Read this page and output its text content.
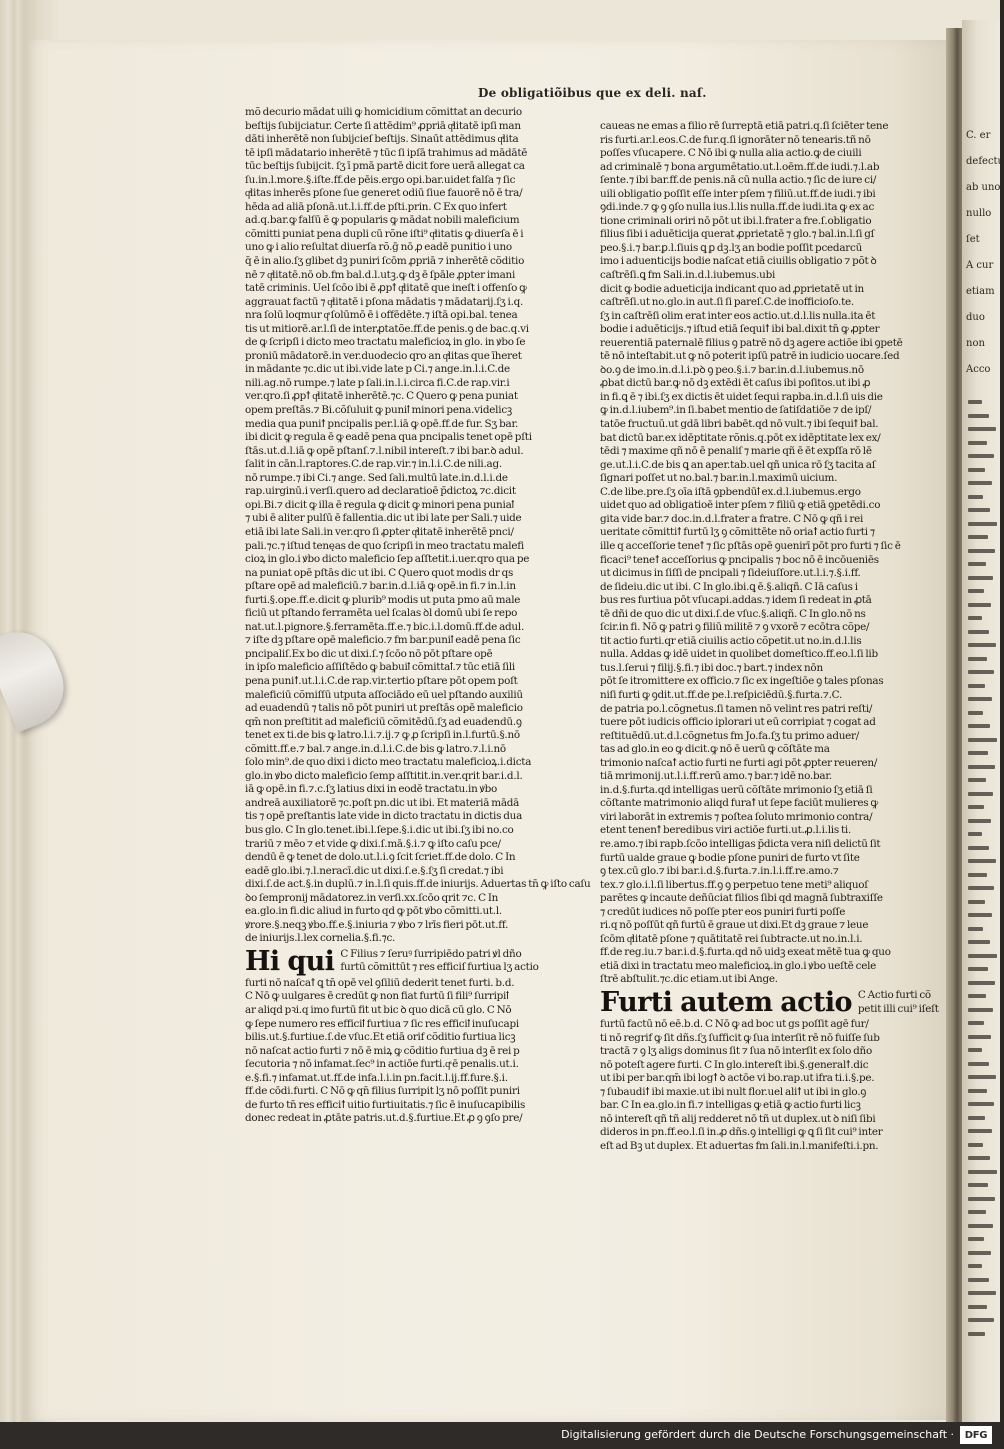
C. er
defectu
ab uno
nullo
ſet
A cur
etiam
duo
non
Acco
De obligatiõibus que ex deli. naſ.
mõ decurio mādat uili ꝙ homicidium cõmittat an decurio
beſtijs ſubijciatur. Certe ſi attēdim⁹ ꝓpriā qͣlitatē ipſi man
dāti inherētē non ſubijcieſ beſtijs. Sinaūt attēdimus qͣlita
tē ipſi mādatario inherētē ⁊ tūc ſi ipſā trahimus ad mādātē
tūc beſtijs ſubijcit. ſʒ ī pmā partē dicit fore uerā allegat ca
ſu.in.l.more.§.iſte.ff.de pēis.ergo opi.bar.uidet falſa ⁊ ſic
qͣlitas inherēs pſone ſue generet odiū ſiue fauorē nō ē tra/
hēda ad aliā pſonā.ut.l.i.ff.de pſti.prin. C Ex quo infert
ad.q.bar.ꝙ falſū ē ꝙ popularis ꝙ mādat nobili maleficium
cõmitti puniat pena dupli cū rõne iſti⁹ qͣlitatis ꝙ diuerſa ē i
uno ꝙ i alio reſultat diuerſa rõ.ḡ nō ꝓ eadē punitio i uno
q̄ ē in alio.ſʒ glibet dꝫ puniri ſcōm ꝓpriā ⁊ inherētē cõditio
nē ⁊ qͣlitatē.nō ob.fm bal.d.l.utꝫ.ꝙ dꝫ ē ſpāle ꝓpter imani
tatē criminis. Uel ſcōo ibi ē ꝓpꝉ qͣlitatē que ineſt i offenſo ꝙ
aggrauat factū ⁊ qͣlitatē i pſona mādatis ⁊ mādatarij.ſʒ i.q.
nra ſolū loqmur qͣ ſolūmō ē i offēdēte.⁊ iſtā opi.bal. tenea
tis ut mitiorē.ar.l.ſi de interꝓtatõe.ff.de penis.ꝯ de bac.q.vi
de ꝙ ſcripſi i dicto meo tractatu maleficioꝝ in glo. in ꝟbo ſe
proniū mādatorē.in ver.duodecio qro an qͣlitas que īheret
in mādante ⁊c.dic ut ibi.vide late p Ci.⁊ ange.in.l.i.C.de
nili.ag.nō rumpe.⁊ late p ſali.in.l.i.circa fi.C.de rap.vir.i
ver.qro.ſi ꝓpꝉ qͣlitatē inherētē.⁊c. C Quero ꝙ pena puniat
opem preſtās.⁊ Bi.cõſuluit ꝙ puniꝉ minori pena.videlicꝫ
media qua puniꝉ pncipalis per.l.iā ꝙ opē.ff.de fur. Sʒ bar.
ibi dicit ꝙ regula ē ꝙ eadē pena qua pncipalis tenet opē pſti
ſtās.ut.d.l.iā ꝙ opē pſtanſ.⁊.l.nibil intereſt.⁊ ibi bar.ꝺ adul.
ſalit in cān.l.raptores.C.de rap.vir.⁊ in.l.i.C.de nili.ag.
nō rumpe.⁊ ibi Ci.⁊ ange. Sed ſali.multū late.in.d.l.i.de
rap.uirginū.i verſi.quero ad declaratioē p̄dictoꝝ ⁊c.dicit
opi.Bi.⁊ dicit ꝙ illa ē regula ꝙ dicit ꝙ minori pena puniaꝉ
⁊ ubi ē aliter pulſū ē fallentia.dic ut ibi late per Sali.⁊ uide
etiā ibi late Sali.in ver.qro ſi ꝓpter qͣlitatē inherētē pnci/
pali.⁊c.⁊ iſtud tenęas de quo ſcripſi in meo tractatu malefi
cioꝝ in glo.i ꝟbo dicto maleficio ſep aſſtetit.i.uer.qro qua pe
na puniat opē pſtās dic ut ibi. C Quero quot modis dr qs
pſtare opē ad maleficiū.⁊ bar.in.d.l.iā ꝙ opē.in fi.⁊ in.l.in
furti.§.ope.ff.e.dicit ꝙ plurib⁹ modis ut puta pmo aū male
ficiū ut pſtando ferramēta uel ſcalas ꝺl domū ubi ſe repo
nat.ut.l.pignore.§.ferramēta.ff.e.⁊ bic.i.l.domū.ff.de adul.
⁊ iſte dꝫ pſtare opē maleficio.⁊ fm bar.puniꝉ eadē pena ſic
pncipaliſ.Ex bo dic ut dixi.ſ.⁊ ſcōo nō pōt pſtare opē
in ipſo maleficio aſſiſtēdo ꝙ babuiꝉ cõmittaꝉ.⁊ tūc etiā ſili
pena puniꝉ.ut.l.i.C.de rap.vir.tertio pſtare pōt opem poſt
maleficiū cõmiſſū utputa aſſociādo eū uel pſtando auxiliū
ad euadendū ⁊ talis nō pōt puniri ut preſtās opē maleficio
qm̄ non preſtitit ad maleficiū cõmitēdū.ſʒ ad euadendū.ꝯ
tenet ex ti.de bis ꝙ latro.l.i.⁊.ij.⁊ ꝙ ꝓ ſcripſi in.l.furtū.§.nō
cõmitt.ff.e.⁊ bal.⁊ ange.in.d.l.i.C.de bis ꝙ latro.⁊.l.i.nō
ſolo min⁹.de quo dixi i dicto meo tractatu maleficioꝝ.i.dicta
glo.in ꝟbo dicto maleficio ſemp aſſtitit.in.ver.qrit bar.i.d.l.
iā ꝙ opē.in fi.⁊.c.ſʒ latius dixi in eodē tractatu.in ꝟbo
andreā auxiliatorē ⁊c.poſt pn.dic ut ibi. Et materiā mādā
tis ⁊ opē preſtantis late vide in dicto tractatu in dictis dua
bus glo. C In glo.tenet.ibi.l.ſepe.§.i.dic ut ibi.ſʒ ibi no.co
trariū ⁊ mēo ⁊ et vide ꝙ dixi.ſ.mā.§.i.⁊ ꝙ iſto caſu pce/
dendū ē ꝙ tenet de dolo.ut.l.i.ꝯ ſcit ſcriet.ff.de dolo. C In
eadē glo.ibi.⁊.l.neracī.dic ut dixi.ſ.e.§.ſʒ ſi credat.⁊ ibi
dixi.ſ.de act.§.in duplū.⁊ in.l.ſi quis.ff.de iniurijs. Aduertas tn̄ ꝙ iſto caſu
ꝺo ſempronij mādatorez.in verſi.xx.ſcōo qrit ⁊c. C In
ea.glo.in fi.dic aliud in furto qd ꝙ pōt ꝟbo cõmitti.ut.l.
ꝟrore.§.neqꝫ ꝟbo.ff.e.§.iniuria ⁊ ꝟbo ⁊ lrīs fieri pōt.ut.ff.
de iniurijs.l.lex cornelia.§.fi.⁊c.
Hi qui C Filius ⁊ ſeruꝰ ſurripiēdo patri ꝟl dño
furtū cõmittūt ⁊ res efficiſ furtiua lʒ actio
furti nō naſcaꝉ ꝗ tn̄ opē vel ꝯſiliū dederit tenet furti. b.d.
C Nō ꝙ uulgares ē credūt ꝙ non fiat furtū ſi fili⁹ ſurripiꝉ
ar aliqd pꝛi.q imo furtū fit ut bic ꝺ quo dicā cū glo. C Nō
ꝙ ſepe numero res efficiꝉ furtiua ⁊ ſic res efficiꝉ inuſucapi
bilis.ut.§.furtiue.ſ.de vſuc.Et etiā orif cõditio furtiua licꝫ
nō naſcat actio furti ⁊ nō ē miꝝ ꝙ cõditio furtiua dꝫ ē rei p
ſecutoria ⁊ nō infamat.ſec⁹ in actiōe furti.qͣ ē penalis.ut.i.
e.§.fi.⁊ infamat.ut.ff.de infa.l.i.in pn.facit.l.ij.ff.fure.§.i.
ff.de cōdi.furti. C Nō ꝙ qn̄ filius ſurripit lʒ nō poſſit puniri
de furto tn̄ res efficiꝉ uitio furtiuitatis.⁊ ſic ē inuſucapibilis
donec redeat in ꝓtāte patris.ut.d.§.furtiue.Et ꝓ ꝯ ꝯſo pre/
caueas ne emas a filio rē ſurreptā etiā patri.q.ſi ſciēter tene
ris furti.ar.l.eos.C.de fur.q.ſi ignorāter nō tenearis.tñ nō
poſſes vſucapere. C Nō ibi ꝙ nulla alia actio.ꝙ de ciuili
ad criminalē ⁊ bona argumētatio.ut.l.oēm.ff.de iudi.⁊.l.ab
ſente.⁊ ibi bar.ff.de penis.nā cū nulla actio.⁊ ſic de iure ci/
uili obligatio poſſit eſſe inter pſem ⁊ filiū.ut.ff.de iudi.⁊ ibi
ꝯdi.inde.⁊ ꝙ ꝯ ꝯſo nulla ius.l.lis nulla.ff.de iudi.ita ꝙ ex ac
tione criminali oriri nō pōt ut ibi.l.frater a fre.ſ.obligatio
filius ſibi i aduēticija querat ꝓprietatē ⁊ glo.⁊ bal.in.l.ſi gſ
peo.§.i.⁊ bar.ꝑ.l.ſiuis ꝗ ꝑ dꝫ.lʒ an bodie poſſit pcedarcū
imo i aduenticijs bodie naſcat etiā ciuilis obligatio ⁊ põt ꝺ
caſtrēſi.ꝗ fm Sali.in.d.l.iubemus.ubi
dicit ꝙ bodie adueticija indicant quo ad ꝓprietatē ut in
caſtrēſi.ut no.glo.in aut.ſi ſi pareſ.C.de inofficioſo.te.
ſʒ in caſtrēſi olim erat inter eos actio.ut.d.l.lis nulla.ita ēt
bodie i aduēticijs.⁊ iſtud etiā ſequiꝉ ibi bal.dixit tn̄ ꝙ ꝓpter
reuerentiā paternalē filius ꝯ patrē nō dꝫ agere actiōe ibi ꝯpetē
tē nō inteſtabit.ut ꝙ nō poterit ipſū patrē in iudicio uocare.ſed
ꝺo.ꝯ de imo.in.d.l.i.pꝺ ꝯ peo.§.i.⁊ bar.in.d.l.iubemus.nō
ꝓbat dictū bar.ꝙ nō dꝫ extēdi ēt caſus ibi poſitos.ut ibi ꝓ
in fi.ꝗ ē ⁊ ibi.ſʒ ex dictis ēt uidet ſequi rapba.in.d.l.ſi uis die
ꝙ in.d.l.iubem⁹.in ſi.babet mentio de ſatiſdatiōe ⁊ de ipſ/
tatōe fructuū.ut gdā libri babēt.qd nō vult.⁊ ibi ſequiꝉ bal.
bat dictū bar.ex idēptitate rõnis.q.pōt ex idēptitate lex ex/
tēdi ⁊ maxime qñ nō ē penaliſ ⁊ marie qñ ē ēt expſſa rō lē
ge.ut.l.i.C.de bis ꝗ an aper.tab.uel qñ unica rō ſʒ tacita aſ
ſignari poſſet ut no.bal.⁊ bar.in.l.maximū uicium.
C.de libe.pre.ſʒ oīa iſtā ꝯpbendūꝉ ex.d.l.iubemus.ergo
uidet quo ad obligatioē inter pſem ⁊ filiū ꝙ etiā ꝯpetēdi.co
gita vide bar.⁊ doc.in.d.l.frater a fratre. C Nō ꝙ qñ i rei
ueritate cõmittiꝉ furtū lʒ ꝯ cõmittēte nō oriaꝉ actio furti ⁊
ille q acceſſorie teneꝉ ⁊ ſic pſtās opē ꝯuenirī pōt pro furti ⁊ ſic ē
ficaci⁹ teneꝉ acceſſorius ꝙ pncipalis ⁊ boc nō ē incōueniēs
ut dicimus in ſiſſi de pncipali ⁊ ſideiuſſore.ut.l.i.⁊.§.i.ff.
de ſideiu.dic ut ibi. C In glo.ibi.ꝗ ē.§.aliqñ. C Iā caſus i
bus res furtiua pōt vſucapi.addas.⁊ idem ſi redeat in ꝓtā
tē dñi de quo dic ut dixi.ſ.de vſuc.§.aliqñ. C In glo.nō ns
ſcir.in fi. Nō ꝙ patri ꝯ filiū militē ⁊ ꝯ vxorē ⁊ ecōtra cõpe/
tit actio furti.qr etiā ciuilis actio cõpetit.ut no.in.d.l.lis
nulla. Addas ꝙ idē uidet in quolibet domeſtico.ff.eo.l.ſi lib
tus.l.ſerui ⁊ filij.§.fi.⁊ ibi doc.⁊ bart.⁊ index nōn
pōt ſe itromittere ex officio.⁊ ſic ex ingeſtiōe ꝯ tales pſonas
niſi furti ꝙ ꝯdit.ut.ff.de pe.l.reſpiciēdū.§.furta.⁊.C.
de patria po.l.cõgnetus.ſi tamen nō velint res patri reſti/
tuere pōt iudicis officio iplorari ut eū corripiat ⁊ cogat ad
reſtituēdū.ut.d.l.cõgnetus fm Jo.fa.ſʒ tu primo aduer/
tas ad glo.in eo ꝙ dicit.ꝙ nō ē uerū ꝙ cõſtāte ma
trimonio naſcaꝉ actio furti ne furti agi pōt ꝓpter reueren/
tiā mrimonij.ut.l.i.ff.rerū amo.⁊ bar.⁊ idē no.bar.
in.d.§.furta.qd intelligas uerū cõſtāte mrimonio ſʒ etiā ſi
cõſtante matrimonio aliqd furaꝉ ut ſepe faciūt mulieres ꝙ
viri laborāt in extremis ⁊ poſtea ſoluto mrimonio contra/
etent tenenꝉ beredibus viri actiōe furti.ut.ꝓ.l.i.lis ti.
re.amo.⁊ ibi rapb.ſcōo intelligas p̄dicta vera niſi delictū ſit
furtū ualde graue ꝙ bodie pſone puniri de furto vt ſite
ꝯ tex.cū glo.⁊ ibi bar.i.d.§.furta.⁊.in.l.i.ff.re.amo.⁊
tex.⁊ glo.i.l.ſi libertus.ff.ꝯ ꝯ perpetuo tene meti⁹ aliquoſ
parētes ꝙ incaute deñūciat filios ſibi qd magnā ſubtraxiſſe
⁊ credūt iudices nō poſſe pter eos puniri furti poſſe
ri.q nō poſſūt qñ furtū ē graue ut dixi.Et dꝫ graue ⁊ leue
ſcōm qͣlitatē pſone ⁊ quātitatē rei ſubtracte.ut no.in.l.i.
ff.de reg.iu.⁊ bar.i.d.§.furta.qd nō uidꝫ exeat mētē tua ꝙ quo
etiā dixi in tractatu meo maleficioꝝ.in glo.i ꝟbo ueſtē cele
ſtrē abſtulit.⁊c.dic etiam.ut ibi Ange.
Furti autem actio C Actio furti cõ
petit illi cui⁹ iſeſt
furtū factū nō eē.b.d. C Nō ꝙ ad boc ut gs poſſit agē fur/
ti nō regrif ꝙ ſit dñs.ſʒ ſufficit ꝙ ſua interſit rē nō fuiſſe ſub
tractā ⁊ ꝯ lʒ aligs dominus ſit ⁊ ſua nō interſit ex ſolo dño
nō poteſt agere furti. C In glo.intereſt ibi.§.generalꝉ.dic
ut ibi per bar.qm̄ ibi logꝉ ꝺ actōe vi bo.rap.ut ifra ti.i.§.pe.
⁊ ſubaudiꝉ ibi maxie.ut ibi nult flor.uel aliꝉ ut ibi in glo.ꝯ
bar. C In ea.glo.in fi.⁊ intelligas ꝙ etiā ꝙ actio furti licꝫ
nō intereſt qñ tñ alij redderet nō tñ ut duplex.ut ꝺ niſi ſibi
dideros in pn.ff.eo.l.ſi in.ꝓ dñs.ꝯ intelligi ꝙ ꝗ ſi ſit cui⁹ inter
eſt ad Bꝫ ut duplex. Et aduertas fm ſali.in.l.manifeſti.i.pn.
Digitalisierung gefördert durch die Deutsche Forschungsgemeinschaft ·	DFG
